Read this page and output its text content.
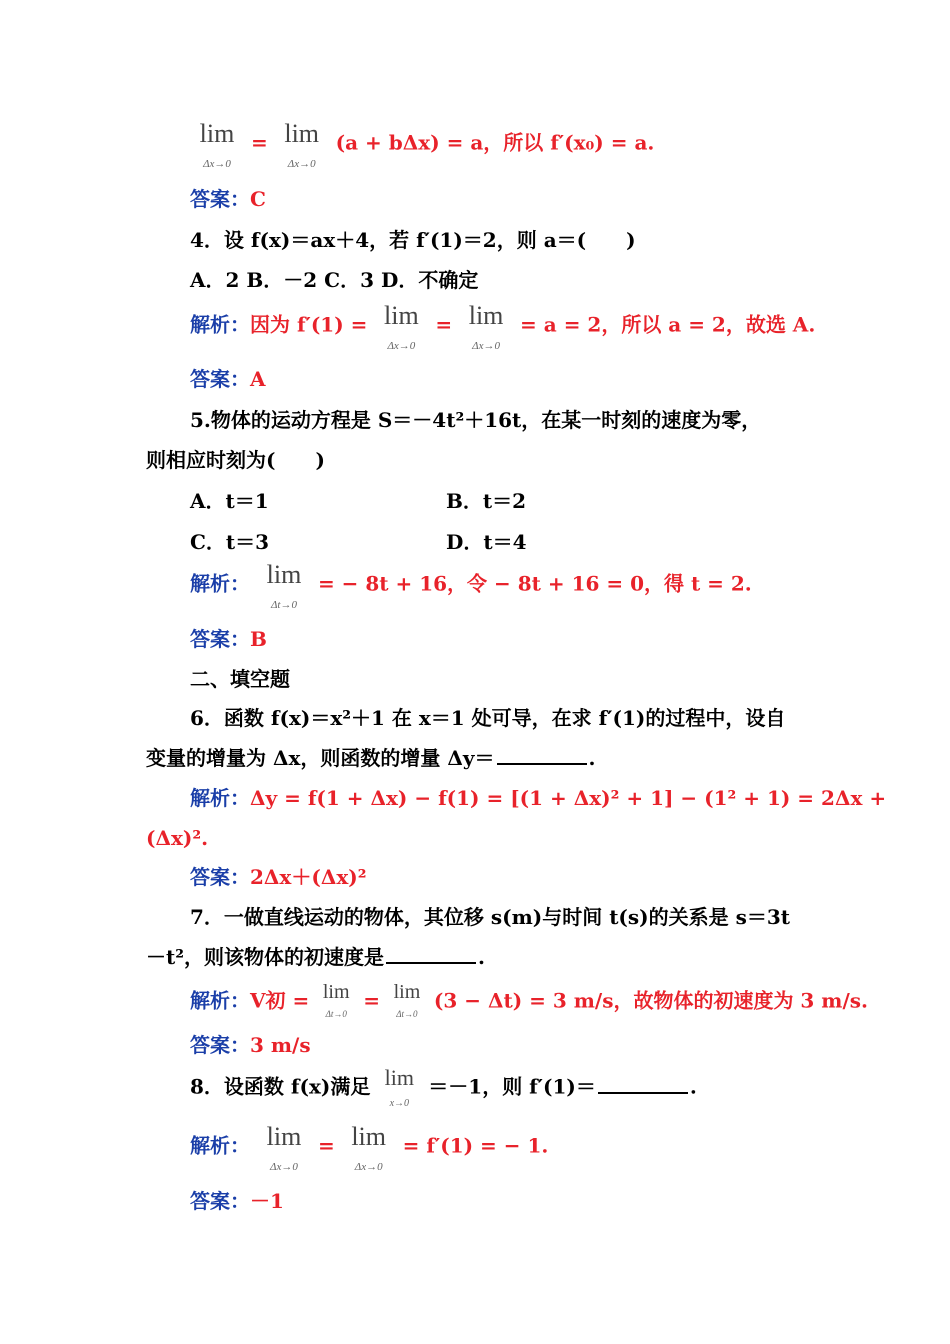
lim
Δx→0
= lim
Δx→0
(a + bΔx) = a，所以 f′(x₀) = a.
答案：C
4．设 f(x)＝ax＋4，若 f′(1)＝2，则 a＝(　　)
A．2 B．－2 C．3 D．不确定
解析：因为 f′(1) = lim
Δx→0
= lim
Δx→0
= a = 2，所以 a = 2，故选 A.
答案：A
5.物体的运动方程是 S＝－4t²＋16t，在某一时刻的速度为零，
则相应时刻为(　　)
A．t＝1	B．t＝2
C．t＝3	D．t＝4
解析： lim
Δt→0
= − 8t + 16，令 − 8t + 16 = 0，得 t = 2.
答案：B
二、填空题
6．函数 f(x)＝x²＋1 在 x＝1 处可导，在求 f′(1)的过程中，设自
变量的增量为 Δx，则函数的增量 Δy＝	.
解析：Δy = f(1 + Δx) − f(1) = [(1 + Δx)² + 1] − (1² + 1) = 2Δx +
(Δx)².
答案：2Δx＋(Δx)²
7．一做直线运动的物体，其位移 s(m)与时间 t(s)的关系是 s＝3t
－t²，则该物体的初速度是	.
解析：V初 = lim
Δt→0
= lim
Δt→0
(3 − Δt) = 3 m/s，故物体的初速度为 3 m/s.
答案：3 m/s
8．设函数 f(x)满足 lim
x→0
＝－1，则 f′(1)＝	.
解析： lim
Δx→0
= lim
Δx→0
= f′(1) = − 1.
答案：－1
